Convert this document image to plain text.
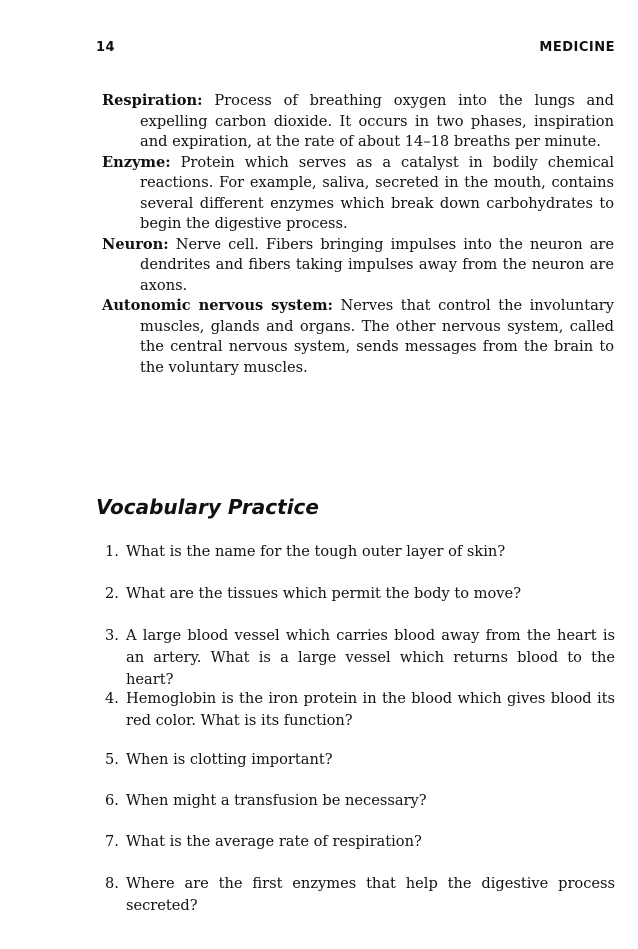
14	MEDICINE

Respiration: Process of breathing oxygen into the lungs and expelling carbon dioxide. It occurs in two phases, inspiration and expiration, at the rate of about 14–18 breaths per minute.

Enzyme: Protein which serves as a catalyst in bodily chemical reactions. For example, saliva, secreted in the mouth, contains several different enzymes which break down carbohydrates to begin the digestive process.

Neuron: Nerve cell. Fibers bringing impulses into the neuron are dendrites and fibers taking impulses away from the neuron are axons.

Autonomic nervous system: Nerves that control the involuntary muscles, glands and organs. The other nervous system, called the central nervous system, sends messages from the brain to the voluntary muscles.

Vocabulary Practice
1. What is the name for the tough outer layer of skin?
2. What are the tissues which permit the body to move?
3. A large blood vessel which carries blood away from the heart is an artery. What is a large vessel which returns blood to the heart?
4. Hemoglobin is the iron protein in the blood which gives blood its red color. What is its function?
5. When is clotting important?
6. When might a transfusion be necessary?
7. What is the average rate of respiration?
8. Where are the first enzymes that help the digestive process secreted?
